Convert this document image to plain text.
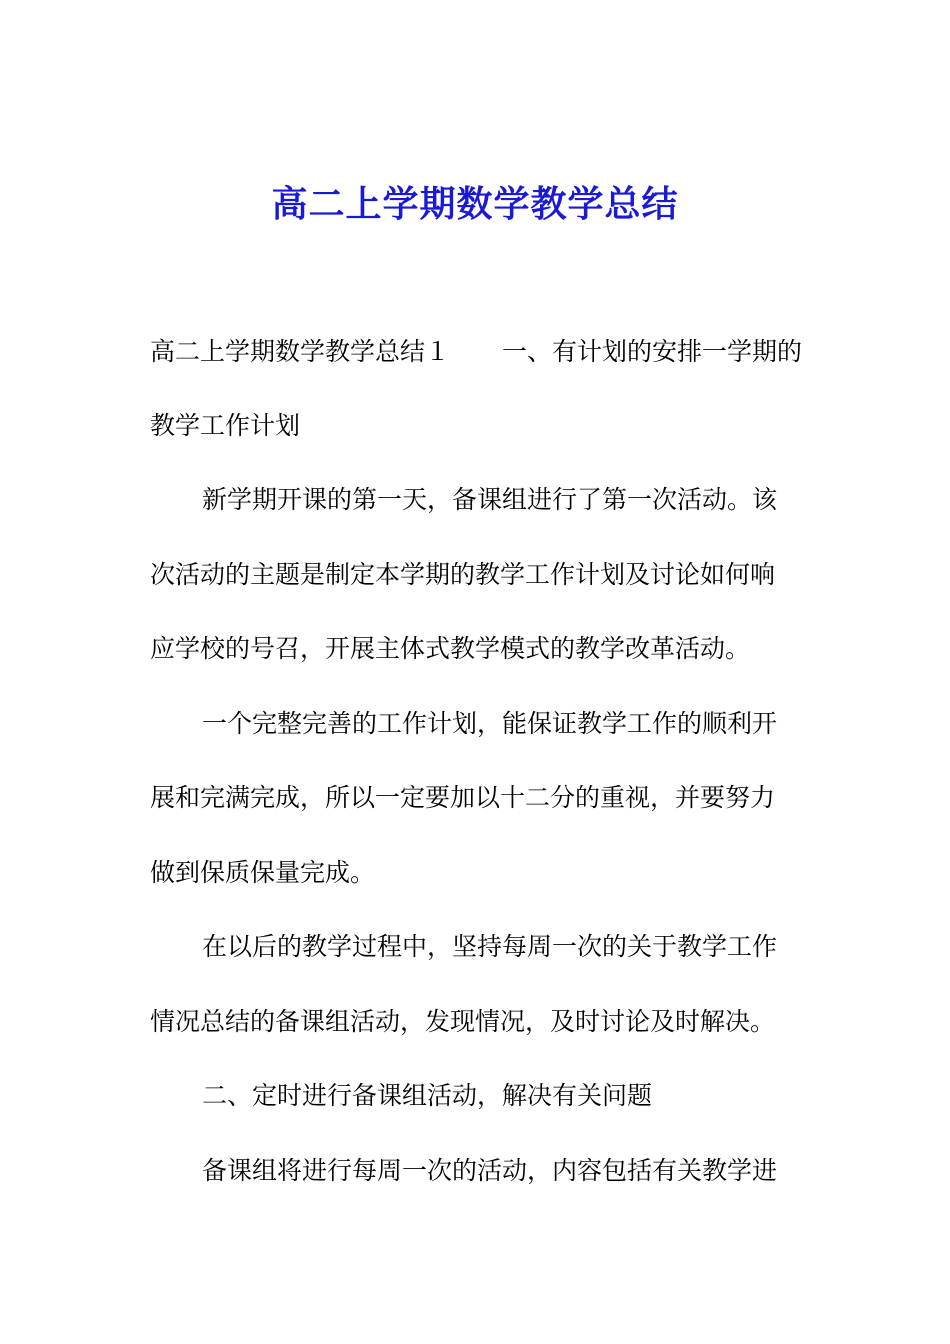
高二上学期数学教学总结

高二上学期数学教学总结１ 一、有计划的安排一学期的

教学工作计划

新学期开课的第一天，备课组进行了第一次活动。该

次活动的主题是制定本学期的教学工作计划及讨论如何响

应学校的号召，开展主体式教学模式的教学改革活动。

一个完整完善的工作计划，能保证教学工作的顺利开

展和完满完成，所以一定要加以十二分的重视，并要努力

做到保质保量完成。

在以后的教学过程中，坚持每周一次的关于教学工作

情况总结的备课组活动，发现情况，及时讨论及时解决。

二、定时进行备课组活动，解决有关问题

备课组将进行每周一次的活动，内容包括有关教学进
